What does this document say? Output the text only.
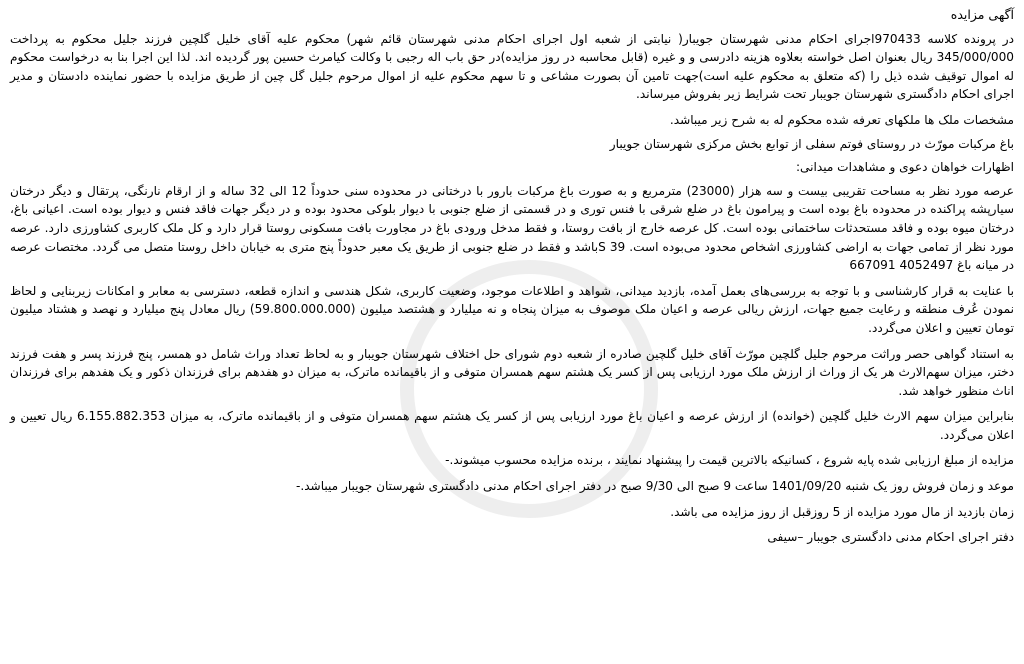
آگهی مزایده

در پرونده کلاسه 970433اجرای احکام مدنی شهرستان جویبار( نیابتی از شعبه اول اجرای احکام مدنی شهرستان قائم شهر) محکوم علیه آقای خلیل گلچین فرزند جلیل محکوم به پرداخت 345/000/000 ریال بعنوان اصل خواسته بعلاوه هزینه دادرسی و و غیره (قابل محاسبه در روز مزایده)در حق باب اله رجبی با وکالت کیامرث حسین پور گردیده اند. لذا این اجرا بنا به درخواست محکوم له اموال توقیف شده ذیل را (که متعلق به محکوم علیه است)جهت تامین آن بصورت مشاعی و تا سهم محکوم علیه از اموال مرحوم جلیل گل چین از طریق مزایده با حضور نماینده دادستان و مدیر اجرای احکام دادگستری شهرستان جویبار تحت شرایط زیر بفروش میرساند.

مشخصات ملک ها ملکهای تعرفه شده محکوم له به شرح زیر میباشد.

باغ مرکبات مورّث در روستای فوتم سفلی از توابع بخش مرکزی شهرستان جویبار

اظهارات خواهان دعوی و مشاهدات میدانی:

عرصه مورد نظر به مساحت تقریبی بیست و سه هزار (23000) مترمربع و به صورت باغ مرکبات بارور با درختانی در محدوده سنی حدوداً 12 الی 32 ساله و از ارقام نارنگی، پرتقال و دیگر درختان سیارپشه پراکنده در محدوده باغ بوده است و پیرامون باغ در ضلع شرقی با فنس توری و در قسمتی از ضلع جنوبی با دیوار بلوکی محدود بوده و در دیگر جهات فاقد فنس و دیوار بوده است. اعیانی باغ، درختان میوه بوده و فاقد مستحدثات ساختمانی بوده است. کل عرصه خارج از بافت روستا، و فقط مدخل ورودی باغ در مجاورت بافت مسکونی روستا قرار دارد و کل ملک کاربری کشاورزی دارد. عرصه مورد نظر از تمامی جهات به اراضی کشاورزی اشخاص محدود می‌بوده است. 39 Sباشد و فقط در ضلع جنوبی از طریق یک معبر حدوداً پنج متری به خیابان داخل روستا متصل می گردد. مختصات عرصه در میانه باغ 4052497 667091

با عنایت به قرار کارشناسی و با توجه به بررسی‌های بعمل آمده، بازدید میدانی، شواهد و اطلاعات موجود، وضعیت کاربری، شکل هندسی و اندازه قطعه، دسترسی به معابر و امکانات زیربنایی و لحاظ نمودن عُرف منطقه و رعایت جمیع جهات، ارزش ریالی عرصه و اعیان ملک موصوف به میزان پنجاه و نه میلیارد و هشتصد میلیون (59.800.000.000) ریال معادل پنج میلیارد و نهصد و هشتاد میلیون تومان تعیین و اعلان می‌گردد.

به استناد گواهی حصر وراثت مرحوم جلیل گلچین مورّث آقای خلیل گلچین صادره از شعبه دوم شورای حل اختلاف شهرستان جویبار و به لحاظ تعداد وراث شامل دو همسر، پنج فرزند پسر و هفت فرزند دختر، میزان سهم‌الارث هر یک از وراث از ارزش ملک مورد ارزیابی پس از کسر یک هشتم سهم همسران متوفی و از باقیمانده ماترک، به میزان دو هفدهم برای فرزندان ذکور و یک هفدهم برای فرزندان اناث منظور خواهد شد.

بنابراین میزان سهم الارث خلیل گلچین (خوانده) از ارزش عرصه و اعیان باغ مورد ارزیابی پس از کسر یک هشتم سهم همسران متوفی و از باقیمانده ماترک، به میزان 6.155.882.353 ریال تعیین و اعلان می‌گردد.

مزایده از مبلغ ارزیابی شده پایه شروع ، کسانیکه بالاترین قیمت را پیشنهاد نمایند ، برنده مزایده محسوب میشوند.-

موعد و زمان فروش روز یک شنبه 1401/09/20 ساعت 9 صبح الی 9/30 صبح در دفتر اجرای احکام مدنی دادگستری شهرستان جویبار میباشد.-

زمان بازدید از مال مورد مزایده از 5 روزقبل از روز مزایده می باشد.

دفتر اجرای احکام مدنی دادگستری جویبار –سیفی
